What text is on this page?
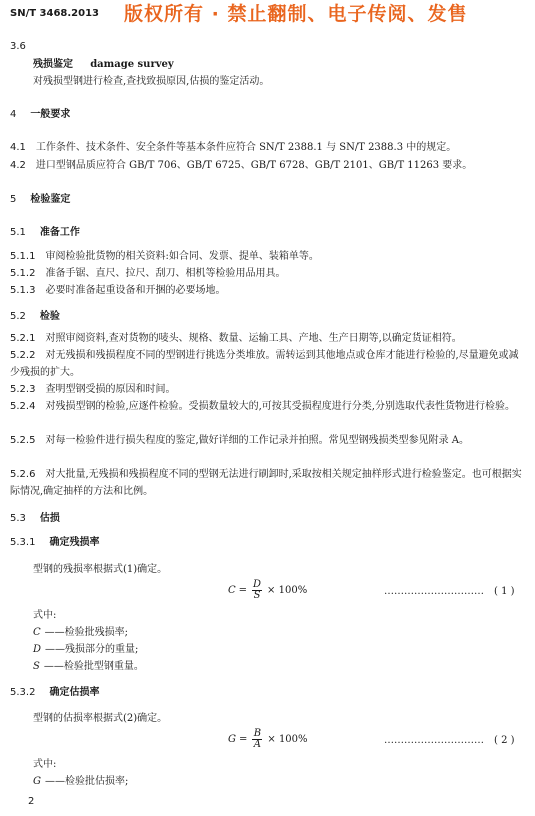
SN/T 3468.2013 版权所有 · 禁止翻制、电子传阅、发售
3.6
残损鉴定 damage survey
对残损型钢进行检查,查找致损原因,估损的鉴定活动。
4 一般要求
4.1 工作条件、技术条件、安全条件等基本条件应符合 SN/T 2388.1 与 SN/T 2388.3 中的规定。
4.2 进口型钢品质应符合 GB/T 706、GB/T 6725、GB/T 6728、GB/T 2101、GB/T 11263 要求。
5 检验鉴定
5.1 准备工作
5.1.1 审阅检验批货物的相关资料:如合同、发票、提单、装箱单等。
5.1.2 准备手锯、直尺、拉尺、刮刀、相机等检验用品用具。
5.1.3 必要时准备起重设备和开捆的必要场地。
5.2 检验
5.2.1 对照审阅资料,查对货物的唛头、规格、数量、运输工具、产地、生产日期等,以确定货证相符。
5.2.2 对无残损和残损程度不同的型钢进行挑选分类堆放。需转运到其他地点或仓库才能进行检验的,尽量避免或减少残损的扩大。
5.2.3 查明型钢受损的原因和时间。
5.2.4 对残损型钢的检验,应逐件检验。受损数量较大的,可按其受损程度进行分类,分别选取代表性货物进行检验。
5.2.5 对每一检验件进行损失程度的鉴定,做好详细的工作记录并拍照。常见型钢残损类型参见附录 A。
5.2.6 对大批量,无残损和残损程度不同的型钢无法进行刷卸时,采取按相关规定抽样形式进行检验鉴定。也可根据实际情况,确定抽样的方法和比例。
5.3 估损
5.3.1 确定残损率
型钢的残损率根据式(1)确定。
$C = \frac{D}{S} \times 100\%$	………………………… ( 1 )
式中:
C ——检验批残损率;
D ——残损部分的重量;
S ——检验批型钢重量。
5.3.2 确定估损率
型钢的估损率根据式(2)确定。
$G = \frac{B}{A} \times 100\%$	………………………… ( 2 )
式中:
G ——检验批估损率;
2
